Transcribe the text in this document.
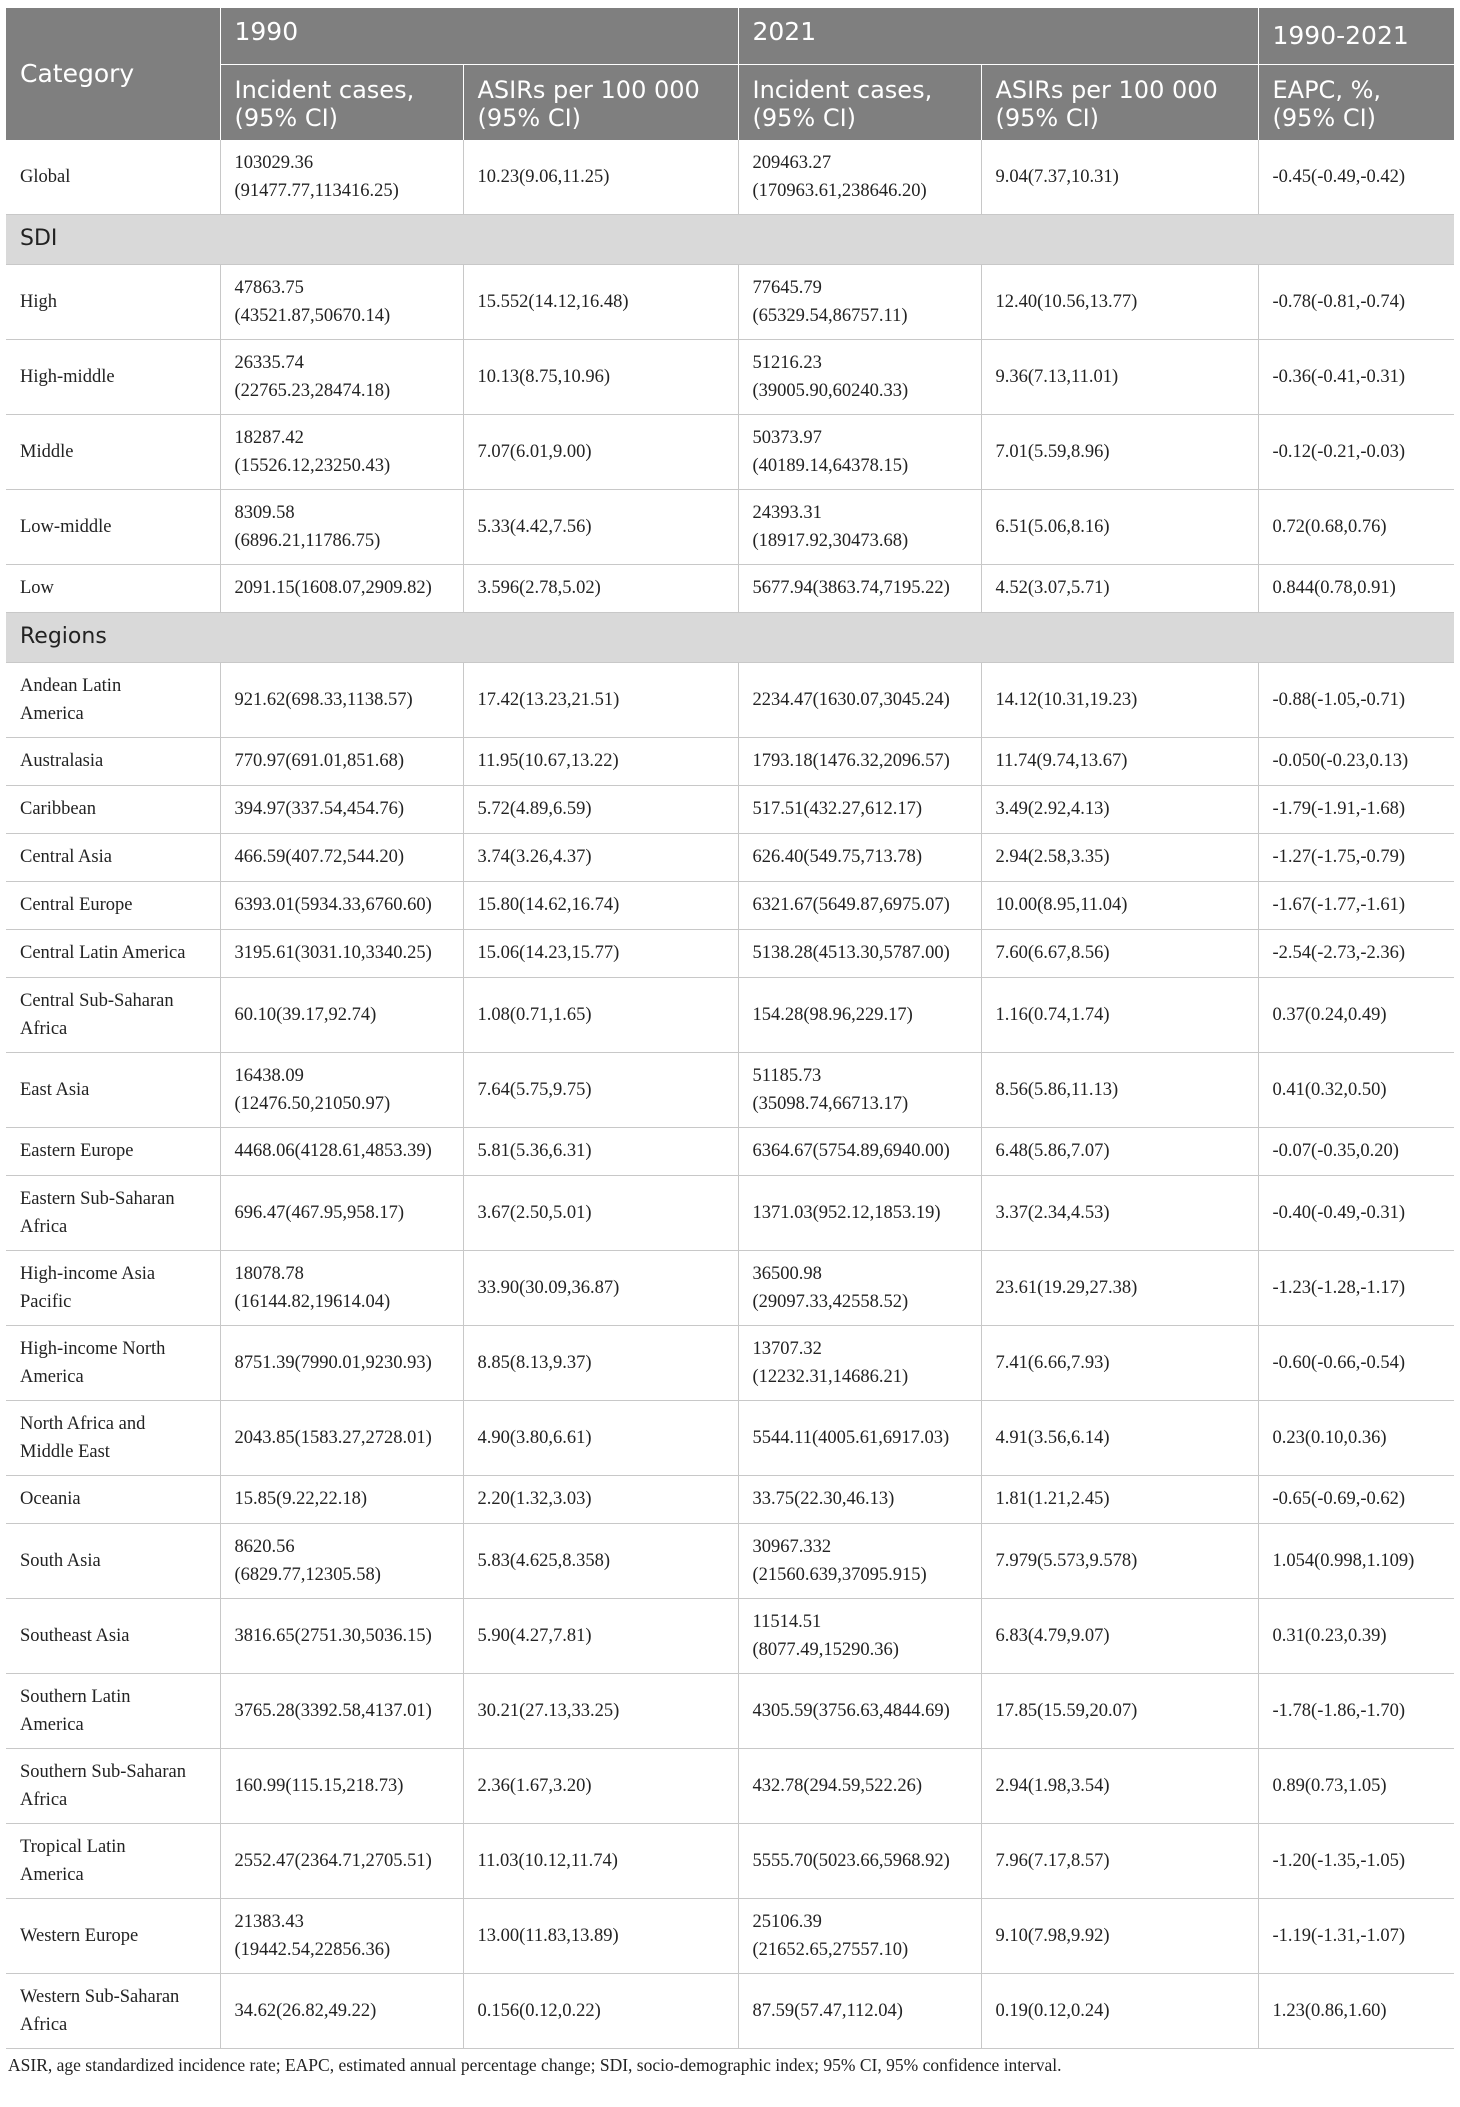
Category	1990		2021		1990-2021

	Incident cases,
(95% CI)	ASIRs per 100 000
(95% CI)	Incident cases,
(95% CI)	ASIRs per 100 000
(95% CI)	EAPC, %,
(95% CI)

Global	103029.36
(91477.77,113416.25)	10.23(9.06,11.25)	209463.27
(170963.61,238646.20)	9.04(7.37,10.31)	-0.45(-0.49,-0.42)

SDI					

High	47863.75
(43521.87,50670.14)	15.552(14.12,16.48)	77645.79
(65329.54,86757.11)	12.40(10.56,13.77)	-0.78(-0.81,-0.74)

High-middle	26335.74
(22765.23,28474.18)	10.13(8.75,10.96)	51216.23
(39005.90,60240.33)	9.36(7.13,11.01)	-0.36(-0.41,-0.31)

Middle	18287.42
(15526.12,23250.43)	7.07(6.01,9.00)	50373.97
(40189.14,64378.15)	7.01(5.59,8.96)	-0.12(-0.21,-0.03)

Low-middle	8309.58
(6896.21,11786.75)	5.33(4.42,7.56)	24393.31
(18917.92,30473.68)	6.51(5.06,8.16)	0.72(0.68,0.76)

Low	2091.15(1608.07,2909.82)	3.596(2.78,5.02)	5677.94(3863.74,7195.22)	4.52(3.07,5.71)	0.844(0.78,0.91)

Regions					

Andean Latin
America	921.62(698.33,1138.57)	17.42(13.23,21.51)	2234.47(1630.07,3045.24)	14.12(10.31,19.23)	-0.88(-1.05,-0.71)

Australasia	770.97(691.01,851.68)	11.95(10.67,13.22)	1793.18(1476.32,2096.57)	11.74(9.74,13.67)	-0.050(-0.23,0.13)

Caribbean	394.97(337.54,454.76)	5.72(4.89,6.59)	517.51(432.27,612.17)	3.49(2.92,4.13)	-1.79(-1.91,-1.68)

Central Asia	466.59(407.72,544.20)	3.74(3.26,4.37)	626.40(549.75,713.78)	2.94(2.58,3.35)	-1.27(-1.75,-0.79)

Central Europe	6393.01(5934.33,6760.60)	15.80(14.62,16.74)	6321.67(5649.87,6975.07)	10.00(8.95,11.04)	-1.67(-1.77,-1.61)

Central Latin America	3195.61(3031.10,3340.25)	15.06(14.23,15.77)	5138.28(4513.30,5787.00)	7.60(6.67,8.56)	-2.54(-2.73,-2.36)

Central Sub-Saharan
Africa	60.10(39.17,92.74)	1.08(0.71,1.65)	154.28(98.96,229.17)	1.16(0.74,1.74)	0.37(0.24,0.49)

East Asia	16438.09
(12476.50,21050.97)	7.64(5.75,9.75)	51185.73
(35098.74,66713.17)	8.56(5.86,11.13)	0.41(0.32,0.50)

Eastern Europe	4468.06(4128.61,4853.39)	5.81(5.36,6.31)	6364.67(5754.89,6940.00)	6.48(5.86,7.07)	-0.07(-0.35,0.20)

Eastern Sub-Saharan
Africa	696.47(467.95,958.17)	3.67(2.50,5.01)	1371.03(952.12,1853.19)	3.37(2.34,4.53)	-0.40(-0.49,-0.31)

High-income Asia
Pacific	18078.78
(16144.82,19614.04)	33.90(30.09,36.87)	36500.98
(29097.33,42558.52)	23.61(19.29,27.38)	-1.23(-1.28,-1.17)

High-income North
America	8751.39(7990.01,9230.93)	8.85(8.13,9.37)	13707.32
(12232.31,14686.21)	7.41(6.66,7.93)	-0.60(-0.66,-0.54)

North Africa and
Middle East	2043.85(1583.27,2728.01)	4.90(3.80,6.61)	5544.11(4005.61,6917.03)	4.91(3.56,6.14)	0.23(0.10,0.36)

Oceania	15.85(9.22,22.18)	2.20(1.32,3.03)	33.75(22.30,46.13)	1.81(1.21,2.45)	-0.65(-0.69,-0.62)

South Asia	8620.56
(6829.77,12305.58)	5.83(4.625,8.358)	30967.332
(21560.639,37095.915)	7.979(5.573,9.578)	1.054(0.998,1.109)

Southeast Asia	3816.65(2751.30,5036.15)	5.90(4.27,7.81)	11514.51
(8077.49,15290.36)	6.83(4.79,9.07)	0.31(0.23,0.39)

Southern Latin
America	3765.28(3392.58,4137.01)	30.21(27.13,33.25)	4305.59(3756.63,4844.69)	17.85(15.59,20.07)	-1.78(-1.86,-1.70)

Southern Sub-Saharan
Africa	160.99(115.15,218.73)	2.36(1.67,3.20)	432.78(294.59,522.26)	2.94(1.98,3.54)	0.89(0.73,1.05)

Tropical Latin
America	2552.47(2364.71,2705.51)	11.03(10.12,11.74)	5555.70(5023.66,5968.92)	7.96(7.17,8.57)	-1.20(-1.35,-1.05)

Western Europe	21383.43
(19442.54,22856.36)	13.00(11.83,13.89)	25106.39
(21652.65,27557.10)	9.10(7.98,9.92)	-1.19(-1.31,-1.07)

Western Sub-Saharan
Africa	34.62(26.82,49.22)	0.156(0.12,0.22)	87.59(57.47,112.04)	0.19(0.12,0.24)	1.23(0.86,1.60)
ASIR, age standardized incidence rate; EAPC, estimated annual percentage change; SDI, socio-demographic index; 95% CI, 95% confidence interval.
